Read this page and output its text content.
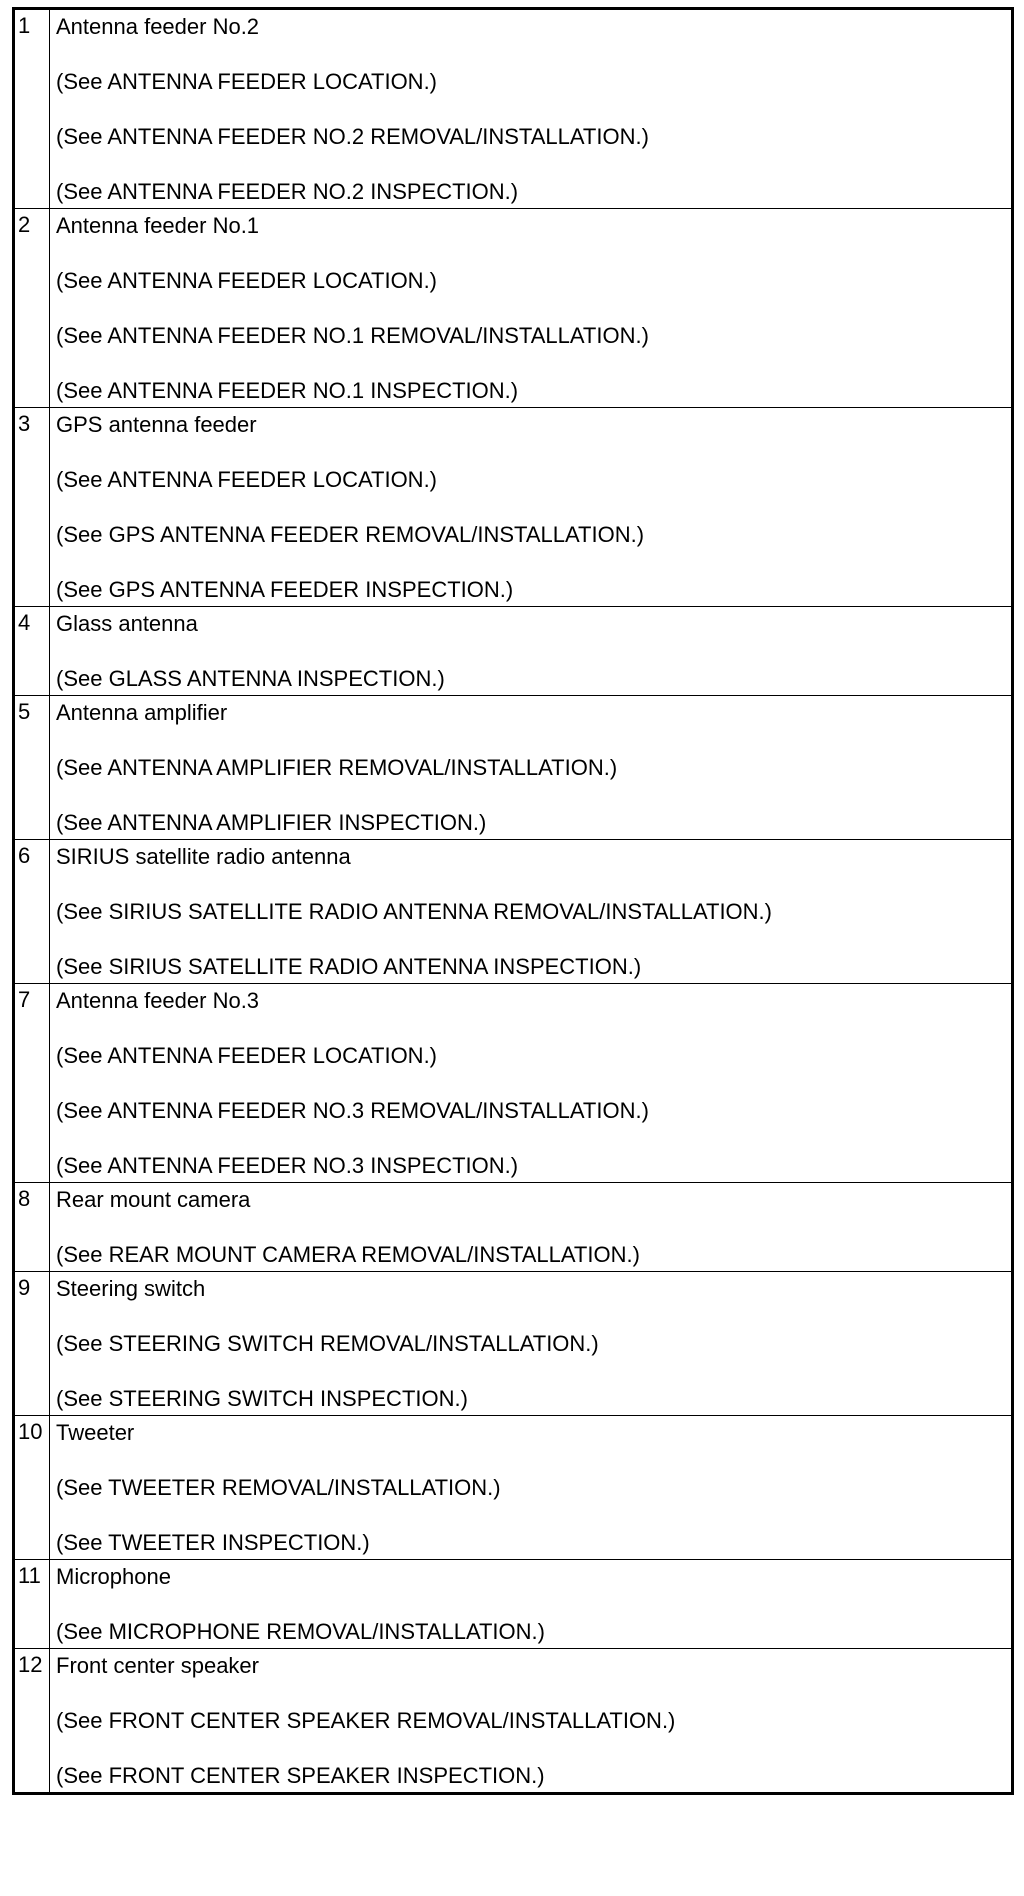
1	Antenna feeder No.2
(See ANTENNA FEEDER LOCATION.)
(See ANTENNA FEEDER NO.2 REMOVAL/INSTALLATION.)
(See ANTENNA FEEDER NO.2 INSPECTION.)

2	Antenna feeder No.1
(See ANTENNA FEEDER LOCATION.)
(See ANTENNA FEEDER NO.1 REMOVAL/INSTALLATION.)
(See ANTENNA FEEDER NO.1 INSPECTION.)

3	GPS antenna feeder
(See ANTENNA FEEDER LOCATION.)
(See GPS ANTENNA FEEDER REMOVAL/INSTALLATION.)
(See GPS ANTENNA FEEDER INSPECTION.)

4	Glass antenna
(See GLASS ANTENNA INSPECTION.)

5	Antenna amplifier
(See ANTENNA AMPLIFIER REMOVAL/INSTALLATION.)
(See ANTENNA AMPLIFIER INSPECTION.)

6	SIRIUS satellite radio antenna
(See SIRIUS SATELLITE RADIO ANTENNA REMOVAL/INSTALLATION.)
(See SIRIUS SATELLITE RADIO ANTENNA INSPECTION.)

7	Antenna feeder No.3
(See ANTENNA FEEDER LOCATION.)
(See ANTENNA FEEDER NO.3 REMOVAL/INSTALLATION.)
(See ANTENNA FEEDER NO.3 INSPECTION.)

8	Rear mount camera
(See REAR MOUNT CAMERA REMOVAL/INSTALLATION.)

9	Steering switch
(See STEERING SWITCH REMOVAL/INSTALLATION.)
(See STEERING SWITCH INSPECTION.)

10	Tweeter
(See TWEETER REMOVAL/INSTALLATION.)
(See TWEETER INSPECTION.)

11	Microphone
(See MICROPHONE REMOVAL/INSTALLATION.)

12	Front center speaker
(See FRONT CENTER SPEAKER REMOVAL/INSTALLATION.)
(See FRONT CENTER SPEAKER INSPECTION.)
